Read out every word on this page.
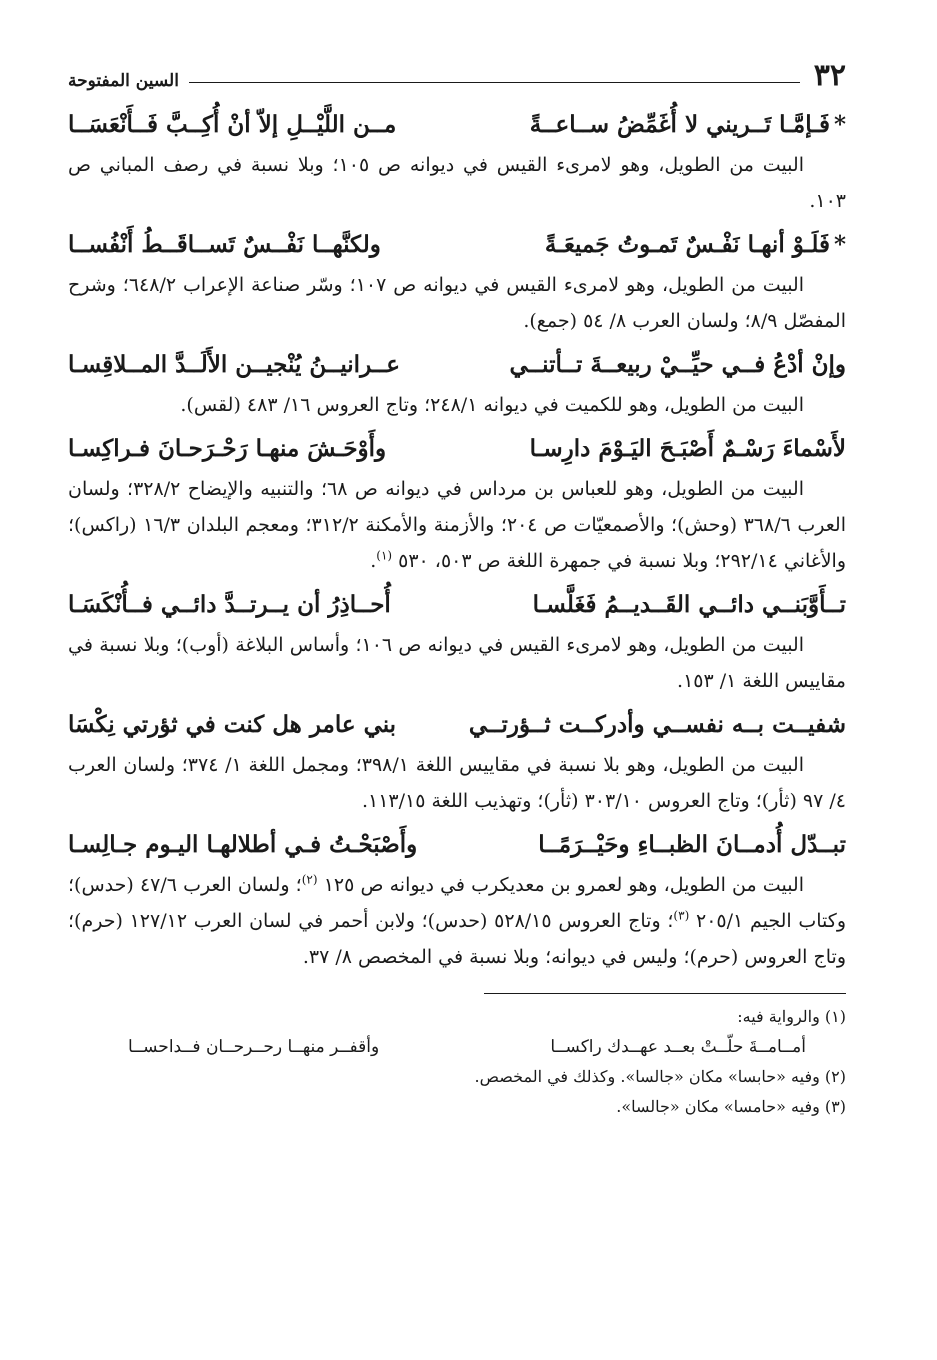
٣٢
السين المفتوحة
*فَـإمَّـا تَــريني لا أُغَمِّضُ ســاعــةً
مــن اللَّيْــلِ إلاّ أنْ أُكِــبَّ فَــأَنْعَسَــا
البيت من الطويل، وهو لامرىء القيس في ديوانه ص ١٠٥؛ وبلا نسبة في رصف المباني ص ١٠٣.
*فَلَـوْ أنهـا نَفْـسٌ تَمـوتُ جَميعَـةً
ولكنَّهــا نَفْــسٌ تَســاقَــطُ أَنْفُســا
البيت من الطويل، وهو لامرىء القيس في ديوانه ص ١٠٧؛ وسّر صناعة الإعراب ٦٤٨/٢؛ وشرح المفصّل ٨/٩؛ ولسان العرب ٨/ ٥٤ (جمع).
وإنْ أدْعُ فــي حيِّــيْ ربيعــةَ تــأتنــي
عــرانيــنُ يُنْجيــن الأَلَــدَّ المــلاقِسـا
البيت من الطويل، وهو للكميت في ديوانه ٢٤٨/١؛ وتاج العروس ١٦/ ٤٨٣ (لقس).
لأَسْماءَ رَسْـمٌ أَصْبَـحَ اليَـوْمَ دارِسـا
وأَوْحَـشَ منهـا رَحْـرَحـانَ فـراكِسـا
البيت من الطويل، وهو للعباس بن مرداس في ديوانه ص ٦٨؛ والتنبيه والإيضاح ٣٢٨/٢؛ ولسان العرب ٣٦٨/٦ (وحش)؛ والأصمعيّات ص ٢٠٤؛ والأزمنة والأمكنة ٣١٢/٢؛ ومعجم البلدان ١٦/٣ (راكس)؛ والأغاني ٢٩٢/١٤؛ وبلا نسبة في جمهرة اللغة ص ٥٠٣، ٥٣٠ $^{(١)}$.
تــأَوَّبَنــي دائــي القَــديــمُ فَغَلَّسـا
أُحــاذِرُ أن يــرتــدَّ دائــي فــأُنْكَسَـا
البيت من الطويل، وهو لامرىء القيس في ديوانه ص ١٠٦؛ وأساس البلاغة (أوب)؛ وبلا نسبة في مقاييس اللغة ١/ ١٥٣.
شفيــت بــه نفســي وأدركــت ثــؤرتــي
بني عامر هل كنت في ثؤرتي نِكْسَا
البيت من الطويل، وهو بلا نسبة في مقاييس اللغة ٣٩٨/١؛ ومجمل اللغة ١/ ٣٧٤؛ ولسان العرب ٤/ ٩٧ (ثأر)؛ وتاج العروس ٣٠٣/١٠ (ثأر)؛ وتهذيب اللغة ١١٣/١٥.
تبــدّل أُدمــانَ الظبــاءِ وحَيْــرَمًــا
وأَصْبَحْـتُ فـي أطلالهـا اليـوم جـالِسـا
البيت من الطويل، وهو لعمرو بن معديكرب في ديوانه ص ١٢٥ $^{(٢)}$؛ ولسان العرب ٤٧/٦ (حدس)؛ وكتاب الجيم ٢٠٥/١ $^{(٣)}$؛ وتاج العروس ٥٢٨/١٥ (حدس)؛ ولابن أحمر في لسان العرب ١٢٧/١٢ (حرم)؛ وتاج العروس (حرم)؛ وليس في ديوانه؛ وبلا نسبة في المخصص ٨/ ٣٧.
(١) والرواية فيه:
أمــامــةَ حلّــتْ بعــد عهــدك راكســا
وأقفــر منهــا رحــرحــان فــداحســا
(٢) وفيه «حابسا» مكان «جالسا». وكذلك في المخصص.
(٣) وفيه «حامسا» مكان «جالسا».
